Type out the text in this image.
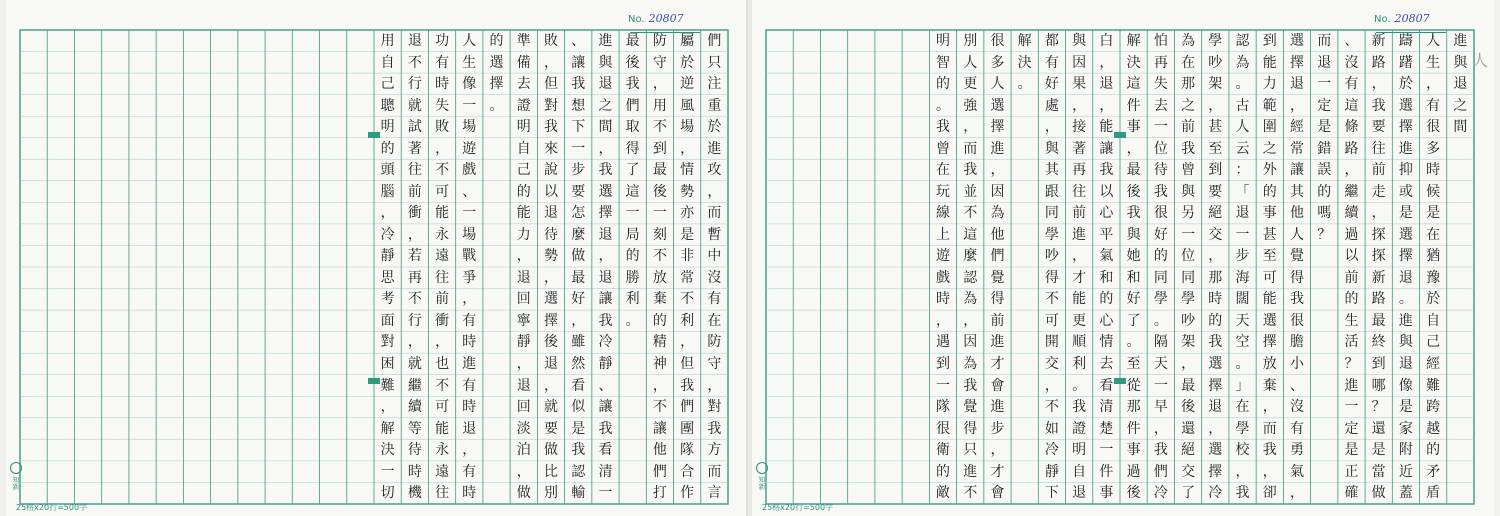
No. 20807
們
只
注
重
於
進
攻
，
而
暫
中
沒
有
在
防
守
，
對
我
方
而
言
屬
於
逆
風
場
，
情
勢
亦
是
非
常
不
利
，
但
我
們
團
隊
合
作
防
守
，
用
不
到
最
後
一
刻
不
放
棄
的
精
神
，
不
讓
他
們
打
最
後
我
們
取
得
了
這
一
局
的
勝
利
。
進
與
退
之
間
，
我
選
擇
退
，
退
讓
我
冷
靜
、
讓
我
看
清
一
、
讓
我
想
下
一
步
要
怎
麼
做
最
好
，
雖
然
看
似
是
我
認
輸
敗
，
但
對
我
來
說
以
退
待
勢
，
選
擇
後
退
，
就
要
做
比
別
準
備
去
證
明
自
己
的
能
力
，
退
回
寧
靜
，
退
回
淡
泊
，
做
的
選
擇
。
人
生
像
一
場
遊
戲
、
一
場
戰
爭
，
有
時
進
有
時
退
，
有
時
功
有
時
失
敗
，
不
可
能
永
遠
往
前
衝
，
也
不
可
能
永
遠
往
退
不
行
就
試
著
往
前
衝
，
若
再
不
行
，
就
繼
續
等
待
時
機
用
自
己
聰
明
的
頭
腦
，
冷
靜
思
考
面
對
困
難
，
解
決
一
切
知新
25格x20行=500字
No. 20807
進
與
退
之
間
人
生
，
有
很
多
時
候
是
在
猶
豫
於
自
己
經
難
跨
越
的
矛
盾
躊
躇
於
選
擇
進
抑
或
是
選
擇
退
。
進
與
退
像
是
家
附
近
蓋
新
路
，
我
要
往
前
走
，
探
探
新
路
最
終
到
哪
？
還
是
當
做
、
沒
有
這
條
路
，
繼
續
過
以
前
的
生
活
？
進
一
定
是
正
確
而
退
一
定
是
錯
誤
的
嗎
？
選
擇
退
，
經
常
讓
其
他
人
覺
得
我
很
膽
小
、
沒
有
勇
氣
，
到
能
力
範
圍
之
外
的
事
甚
至
可
能
選
擇
放
棄
，
而
我
，
卻
認
為
。
古
人
云
：
「
退
一
步
海
闊
天
空
。
」
在
學
校
，
我
學
吵
架
，
甚
至
到
要
絕
交
，
那
時
的
我
選
擇
退
，
選
擇
冷
為
在
那
之
前
我
曾
與
另
一
位
同
學
吵
架
，
最
後
還
絕
交
了
怕
再
失
去
一
位
待
我
很
好
的
同
學
。
隔
天
一
早
，
我
們
冷
解
決
這
件
事
，
最
後
我
與
她
和
好
了
。
至
從
那
件
事
過
後
白
，
退
，
能
讓
我
以
心
平
氣
和
的
心
情
去
看
清
楚
一
件
事
與
因
果
，
接
著
再
往
前
進
，
才
能
更
順
利
。
我
證
明
自
退
都
有
好
處
，
與
其
跟
同
學
吵
得
不
可
開
交
，
不
如
冷
靜
下
解
決
。
很
多
人
選
擇
進
，
因
為
他
們
覺
得
前
進
才
會
進
步
，
才
會
別
人
更
強
，
而
我
並
不
這
麼
認
為
，
因
為
我
覺
得
只
進
不
明
智
的
。
我
曾
在
玩
線
上
遊
戲
時
，
遇
到
一
隊
很
衛
的
敵
人
知新
25格x20行=500字
